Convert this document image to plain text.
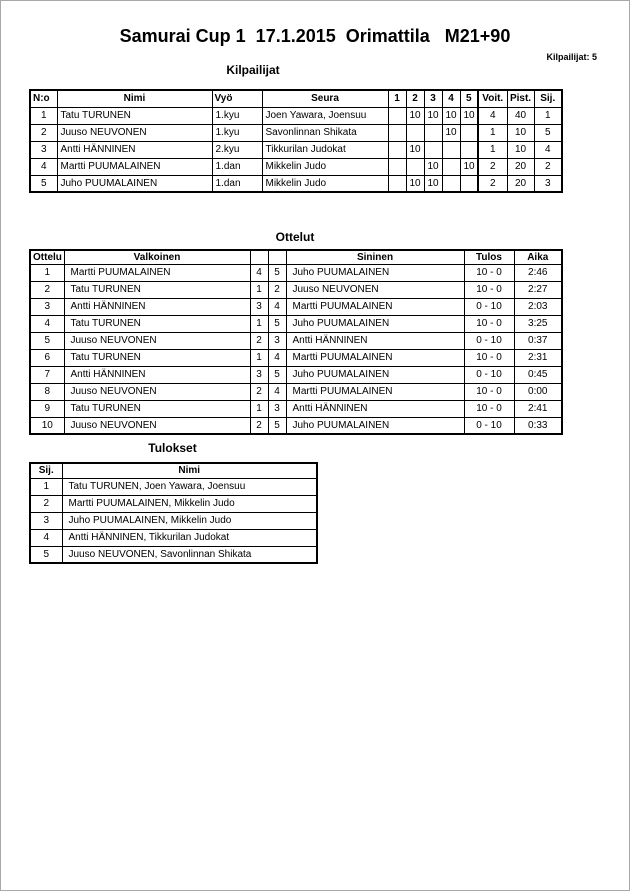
Samurai Cup 1  17.1.2015  Orimattila   M21+90
Kilpailijat: 5
Kilpailijat
N:o	Nimi	Vyö	Seura	1	2	3	4	5	Voit.	Pist.	Sij.
1	Tatu TURUNEN	1.kyu	Joen Yawara, Joensuu		10	10	10	10	4	40	1
2	Juuso NEUVONEN	1.kyu	Savonlinnan Shikata				10		1	10	5
3	Antti HÄNNINEN	2.kyu	Tikkurilan Judokat		10				1	10	4
4	Martti PUUMALAINEN	1.dan	Mikkelin Judo			10		10	2	20	2
5	Juho PUUMALAINEN	1.dan	Mikkelin Judo		10	10			2	20	3
Ottelut
Ottelu	Valkoinen			Sininen	Tulos	Aika
1	Martti PUUMALAINEN	4	5	Juho PUUMALAINEN	10 - 0	2:46
2	Tatu TURUNEN	1	2	Juuso NEUVONEN	10 - 0	2:27
3	Antti HÄNNINEN	3	4	Martti PUUMALAINEN	0 - 10	2:03
4	Tatu TURUNEN	1	5	Juho PUUMALAINEN	10 - 0	3:25
5	Juuso NEUVONEN	2	3	Antti HÄNNINEN	0 - 10	0:37
6	Tatu TURUNEN	1	4	Martti PUUMALAINEN	10 - 0	2:31
7	Antti HÄNNINEN	3	5	Juho PUUMALAINEN	0 - 10	0:45
8	Juuso NEUVONEN	2	4	Martti PUUMALAINEN	10 - 0	0:00
9	Tatu TURUNEN	1	3	Antti HÄNNINEN	10 - 0	2:41
10	Juuso NEUVONEN	2	5	Juho PUUMALAINEN	0 - 10	0:33
Tulokset
Sij.	Nimi
1	Tatu TURUNEN, Joen Yawara, Joensuu
2	Martti PUUMALAINEN, Mikkelin Judo
3	Juho PUUMALAINEN, Mikkelin Judo
4	Antti HÄNNINEN, Tikkurilan Judokat
5	Juuso NEUVONEN, Savonlinnan Shikata
